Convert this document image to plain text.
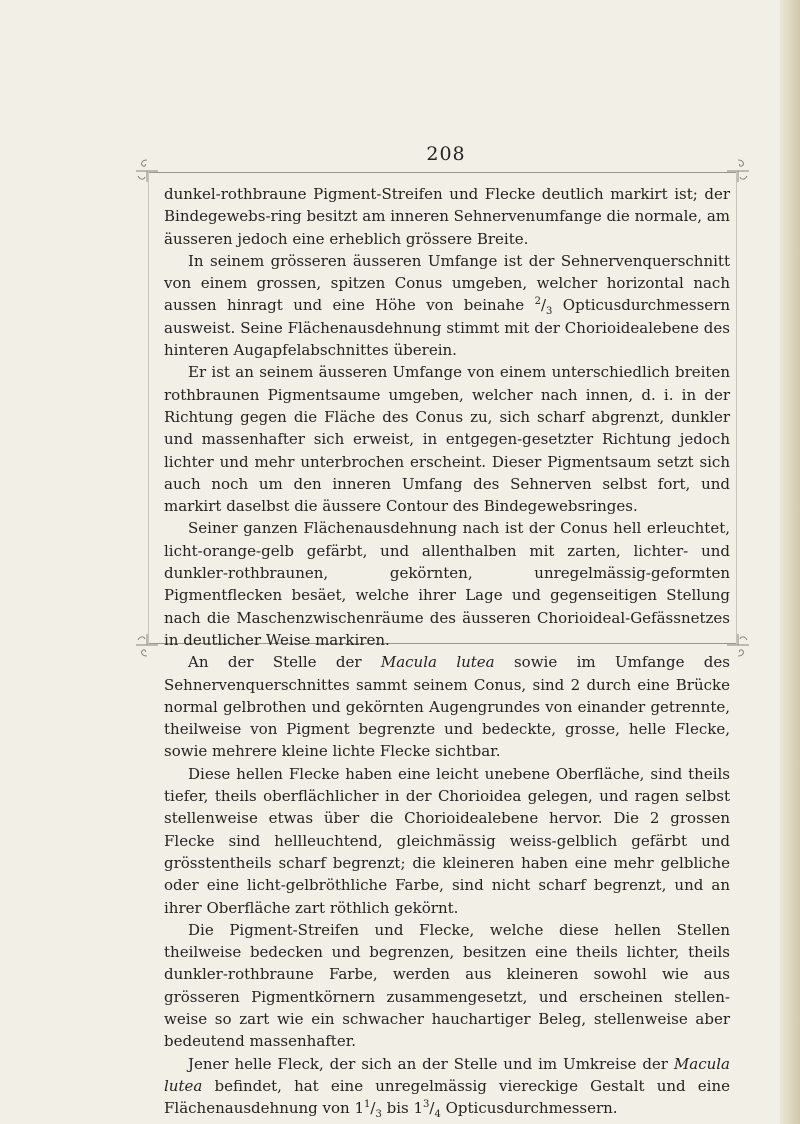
208

dunkel-rothbraune Pigment-Streifen und Flecke deutlich markirt ist; der Bindegewebs-ring besitzt am inneren Sehnervenumfange die normale, am äusseren jedoch eine erheblich grössere Breite.

In seinem grösseren äusseren Umfange ist der Sehnervenquerschnitt von einem grossen, spitzen Conus umgeben, welcher horizontal nach aussen hinragt und eine Höhe von beinahe $^2/_3$ Opticusdurchmessern ausweist. Seine Flächenausdehnung stimmt mit der Chorioidealebene des hinteren Augapfelabschnittes überein.

Er ist an seinem äusseren Umfange von einem unterschiedlich breiten rothbraunen Pigmentsaume umgeben, welcher nach innen, d. i. in der Richtung gegen die Fläche des Conus zu, sich scharf abgrenzt, dunkler und massenhafter sich erweist, in entgegen-gesetzter Richtung jedoch lichter und mehr unterbrochen erscheint. Dieser Pigmentsaum setzt sich auch noch um den inneren Umfang des Sehnerven selbst fort, und markirt daselbst die äussere Contour des Bindegewebsringes.

Seiner ganzen Flächenausdehnung nach ist der Conus hell erleuchtet, licht-orange-gelb gefärbt, und allenthalben mit zarten, lichter- und dunkler-rothbraunen, gekörnten, unregelmässig-geformten Pigmentflecken besäet, welche ihrer Lage und gegenseitigen Stellung nach die Maschenzwischenräume des äusseren Chorioideal-Gefässnetzes in deutlicher Weise markiren.

An der Stelle der Macula lutea sowie im Umfange des Sehnervenquerschnittes sammt seinem Conus, sind 2 durch eine Brücke normal gelbrothen und gekörnten Augengrundes von einander getrennte, theilweise von Pigment begrenzte und bedeckte, grosse, helle Flecke, sowie mehrere kleine lichte Flecke sichtbar.

Diese hellen Flecke haben eine leicht unebene Oberfläche, sind theils tiefer, theils oberflächlicher in der Chorioidea gelegen, und ragen selbst stellenweise etwas über die Chorioidealebene hervor. Die 2 grossen Flecke sind hellleuchtend, gleichmässig weiss-gelblich gefärbt und grösstentheils scharf begrenzt; die kleineren haben eine mehr gelbliche oder eine licht-gelbröthliche Farbe, sind nicht scharf begrenzt, und an ihrer Oberfläche zart röthlich gekörnt.

Die Pigment-Streifen und Flecke, welche diese hellen Stellen theilweise bedecken und begrenzen, besitzen eine theils lichter, theils dunkler-rothbraune Farbe, werden aus kleineren sowohl wie aus grösseren Pigmentkörnern zusammengesetzt, und erscheinen stellen-weise so zart wie ein schwacher hauchartiger Beleg, stellenweise aber bedeutend massenhafter.

Jener helle Fleck, der sich an der Stelle und im Umkreise der Macula lutea befindet, hat eine unregelmässig viereckige Gestalt und eine Flächenausdehnung von $1^1/_3$ bis $1^3/_4$ Opticusdurchmessern.
